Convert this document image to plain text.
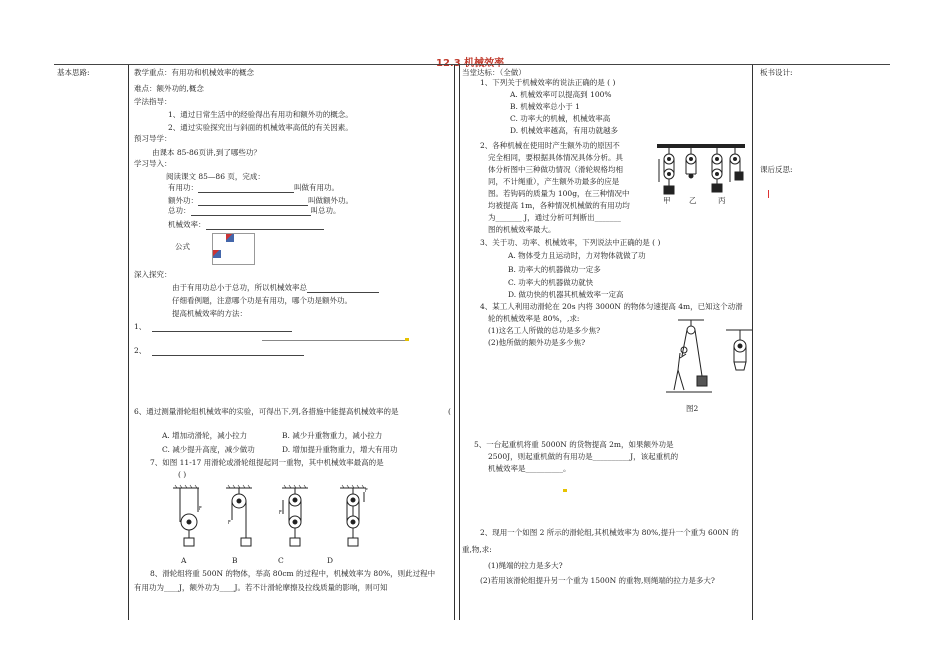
12.3 机械效率
基本思路:	板书设计:
课后反思:
教学重点：有用功和机械效率的概念
难点：额外功的,概念
学法指导：
1、通过日常生活中的经验得出有用功和额外功的概念。
2、通过实验探究出与斜面的机械效率高低的有关因素。
预习导学：
由课本 85-86页讲,到了哪些功？
学习导入：
阅读课文 85—86 页，完成：
有用功：	叫做有用功。
额外功：	叫做额外功。
总功：	叫总功。
机械效率：
公式
深入探究：
由于有用功总小于总功，所以机械效率总
仔细看例题，注意哪个功是有用功，哪个功是额外功。
提高机械效率的方法：
1、
2、
6、通过测量滑轮组机械效率的实验，可得出下,列,各措施中能提高机械效率的是	(
A. 增加动滑轮，减小拉力	B. 减少升重物重力，减小拉力
C. 减少提升高度，减少做功	D. 增加提升重物重力，增大有用功
7、如图 11-17 用滑轮或滑轮组提起同一重物，其中机械效率最高的是
( )
F
F
F
F
A	B	C	D
8、滑轮组将重 500N 的物体，举高 80cm 的过程中，机械效率为 80%，则此过程中
有用功为____J，额外功为____J。若不计滑轮摩擦及拉线质量的影响，则可知
当堂达标：（全做）
1、下列关于机械效率的说法正确的是 ( )
A. 机械效率可以提高到 100%
B. 机械效率总小于 1
C. 功率大的机械，机械效率高
D. 机械效率越高，有用功就越多
2、各种机械在使用时产生额外功的原因不
完全相同，要根据具体情况具体分析。具
体分析图中三种做功情况（滑轮规格均相
同，不计绳重），产生额外功最多的应是
图。若钩码的质量为 100g，在三种情况中
均被提高 1m，各种情况机械做的有用功均
为_______ J，通过分析可判断出_______
图的机械效率最大。
甲 乙	丙
3、关于功、功率、机械效率，下列说法中正确的是 ( )
A. 物体受力且运动时，力对物体就做了功
B. 功率大的机器做功一定多
C. 功率大的机器做功就快
D. 做功快的机器其机械效率一定高
4、某工人利用动滑轮在 20s 内将 3000N 的物体匀速提高 4m，已知这个动滑
轮的机械效率是 80%，,求:
(1)这名工人所做的总功是多少焦?
(2)他所做的额外功是多少焦?
图2
5、一台起重机将重 5000N 的货物提高 2m，如果额外功是
2500J，则起重机做的有用功是__________J，该起重机的
机械效率是__________。
2、现用一个如图 2 所示的滑轮组,其机械效率为 80%,提升一个重为 600N 的
重,物,求:
(1)绳端的拉力是多大?
(2)若用该滑轮组提升另一个重为 1500N 的重物,则绳端的拉力是多大?
